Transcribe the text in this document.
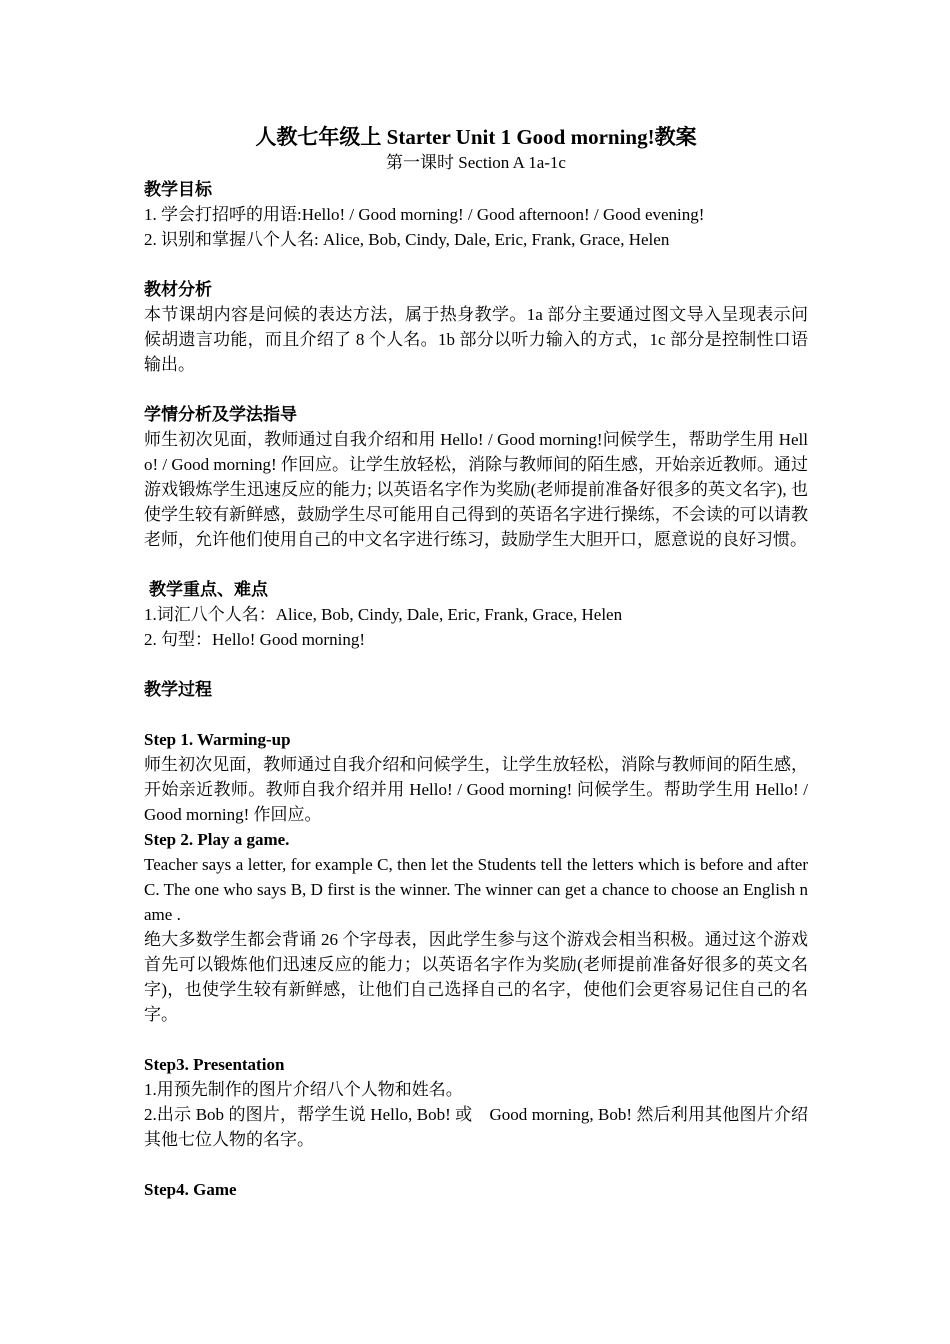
人教七年级上 Starter Unit 1 Good morning!教案

第一课时 Section A 1a-1c

教学目标

1. 学会打招呼的用语:Hello! / Good morning! / Good afternoon! / Good evening!

2. 识别和掌握八个人名: Alice, Bob, Cindy, Dale, Eric, Frank, Grace, Helen

教材分析

本节课胡内容是问候的表达方法，属于热身教学。1a 部分主要通过图文导入呈现表示问候胡遗言功能，而且介绍了 8 个人名。1b 部分以听力输入的方式，1c 部分是控制性口语输出。

学情分析及学法指导

师生初次见面，教师通过自我介绍和用 Hello! / Good morning!问候学生，帮助学生用 Hello! / Good morning! 作回应。让学生放轻松，消除与教师间的陌生感，开始亲近教师。通过游戏锻炼学生迅速反应的能力; 以英语名字作为奖励(老师提前准备好很多的英文名字), 也使学生较有新鲜感，鼓励学生尽可能用自己得到的英语名字进行操练，不会读的可以请教老师，允许他们使用自己的中文名字进行练习，鼓励学生大胆开口，愿意说的良好习惯。

教学重点、难点

1.词汇八个人名：Alice, Bob, Cindy, Dale, Eric, Frank, Grace, Helen

2. 句型：Hello! Good morning!

教学过程

Step 1. Warming-up

师生初次见面，教师通过自我介绍和问候学生，让学生放轻松，消除与教师间的陌生感，开始亲近教师。教师自我介绍并用 Hello! / Good morning! 问候学生。帮助学生用 Hello! / Good morning! 作回应。

Step 2. Play a game.

Teacher says a letter, for example C, then let the Students tell the letters which is before and after C. The one who says B, D first is the winner. The winner can get a chance to choose an English name .

绝大多数学生都会背诵 26 个字母表，因此学生参与这个游戏会相当积极。通过这个游戏首先可以锻炼他们迅速反应的能力；以英语名字作为奖励(老师提前准备好很多的英文名字)，也使学生较有新鲜感，让他们自己选择自己的名字，使他们会更容易记住自己的名字。

Step3. Presentation

1.用预先制作的图片介绍八个人物和姓名。

2.出示 Bob 的图片，帮学生说 Hello, Bob! 或　Good morning, Bob! 然后利用其他图片介绍其他七位人物的名字。

Step4. Game
